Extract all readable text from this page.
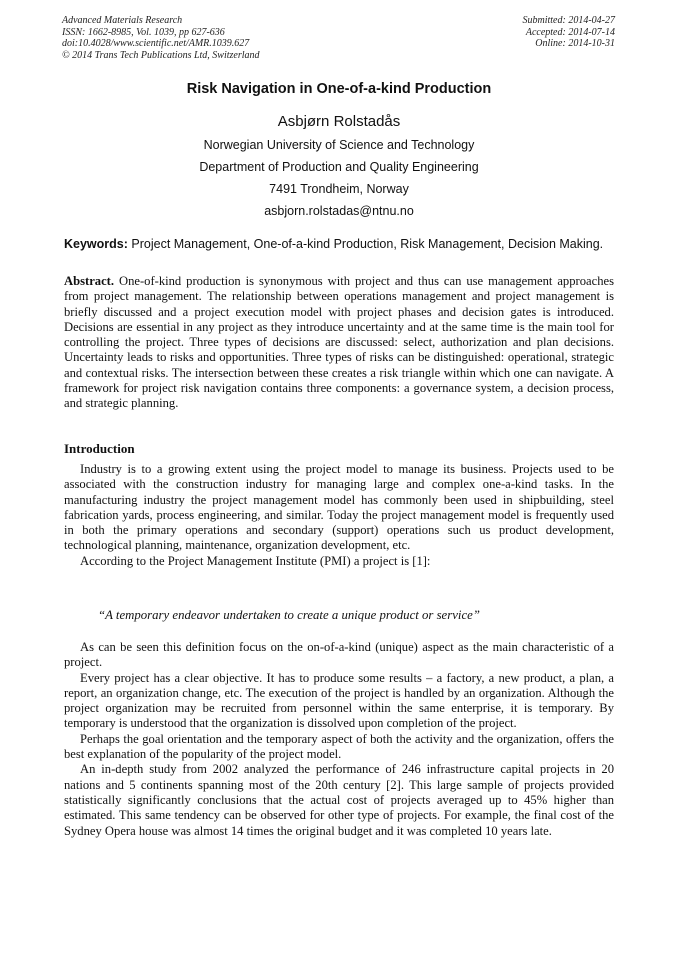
Advanced Materials Research
ISSN: 1662-8985, Vol. 1039, pp 627-636
doi:10.4028/www.scientific.net/AMR.1039.627
© 2014 Trans Tech Publications Ltd, Switzerland
Submitted: 2014-04-27
Accepted: 2014-07-14
Online: 2014-10-31
Risk Navigation in One-of-a-kind Production
Asbjørn Rolstadås
Norwegian University of Science and Technology
Department of Production and Quality Engineering
7491 Trondheim, Norway
asbjorn.rolstadas@ntnu.no
Keywords: Project Management, One-of-a-kind Production, Risk Management, Decision Making.

Abstract. One-of-kind production is synonymous with project and thus can use management approaches from project management. The relationship between operations management and project management is briefly discussed and a project execution model with project phases and decision gates is introduced. Decisions are essential in any project as they introduce uncertainty and at the same time is the main tool for controlling the project. Three types of decisions are discussed: select, authorization and plan decisions. Uncertainty leads to risks and opportunities. Three types of risks can be distinguished: operational, strategic and contextual risks. The intersection between these creates a risk triangle within which one can navigate. A framework for project risk navigation contains three components: a governance system, a decision process, and strategic planning.

Introduction

Industry is to a growing extent using the project model to manage its business. Projects used to be associated with the construction industry for managing large and complex one-a-kind tasks. In the manufacturing industry the project management model has commonly been used in shipbuilding, steel fabrication yards, process engineering, and similar. Today the project management model is frequently used in both the primary operations and secondary (support) operations such us product development, technological planning, maintenance, organization development, etc.

According to the Project Management Institute (PMI) a project is [1]:

“A temporary endeavor undertaken to create a unique product or service”

As can be seen this definition focus on the on-of-a-kind (unique) aspect as the main characteristic of a project.

Every project has a clear objective. It has to produce some results – a factory, a new product, a plan, a report, an organization change, etc. The execution of the project is handled by an organization. Although the project organization may be recruited from personnel within the same enterprise, it is temporary. By temporary is understood that the organization is dissolved upon completion of the project.

Perhaps the goal orientation and the temporary aspect of both the activity and the organization, offers the best explanation of the popularity of the project model.

An in-depth study from 2002 analyzed the performance of 246 infrastructure capital projects in 20 nations and 5 continents spanning most of the 20th century [2]. This large sample of projects provided statistically significantly conclusions that the actual cost of projects averaged up to 45% higher than estimated. This same tendency can be observed for other type of projects. For example, the final cost of the Sydney Opera house was almost 14 times the original budget and it was completed 10 years late.
